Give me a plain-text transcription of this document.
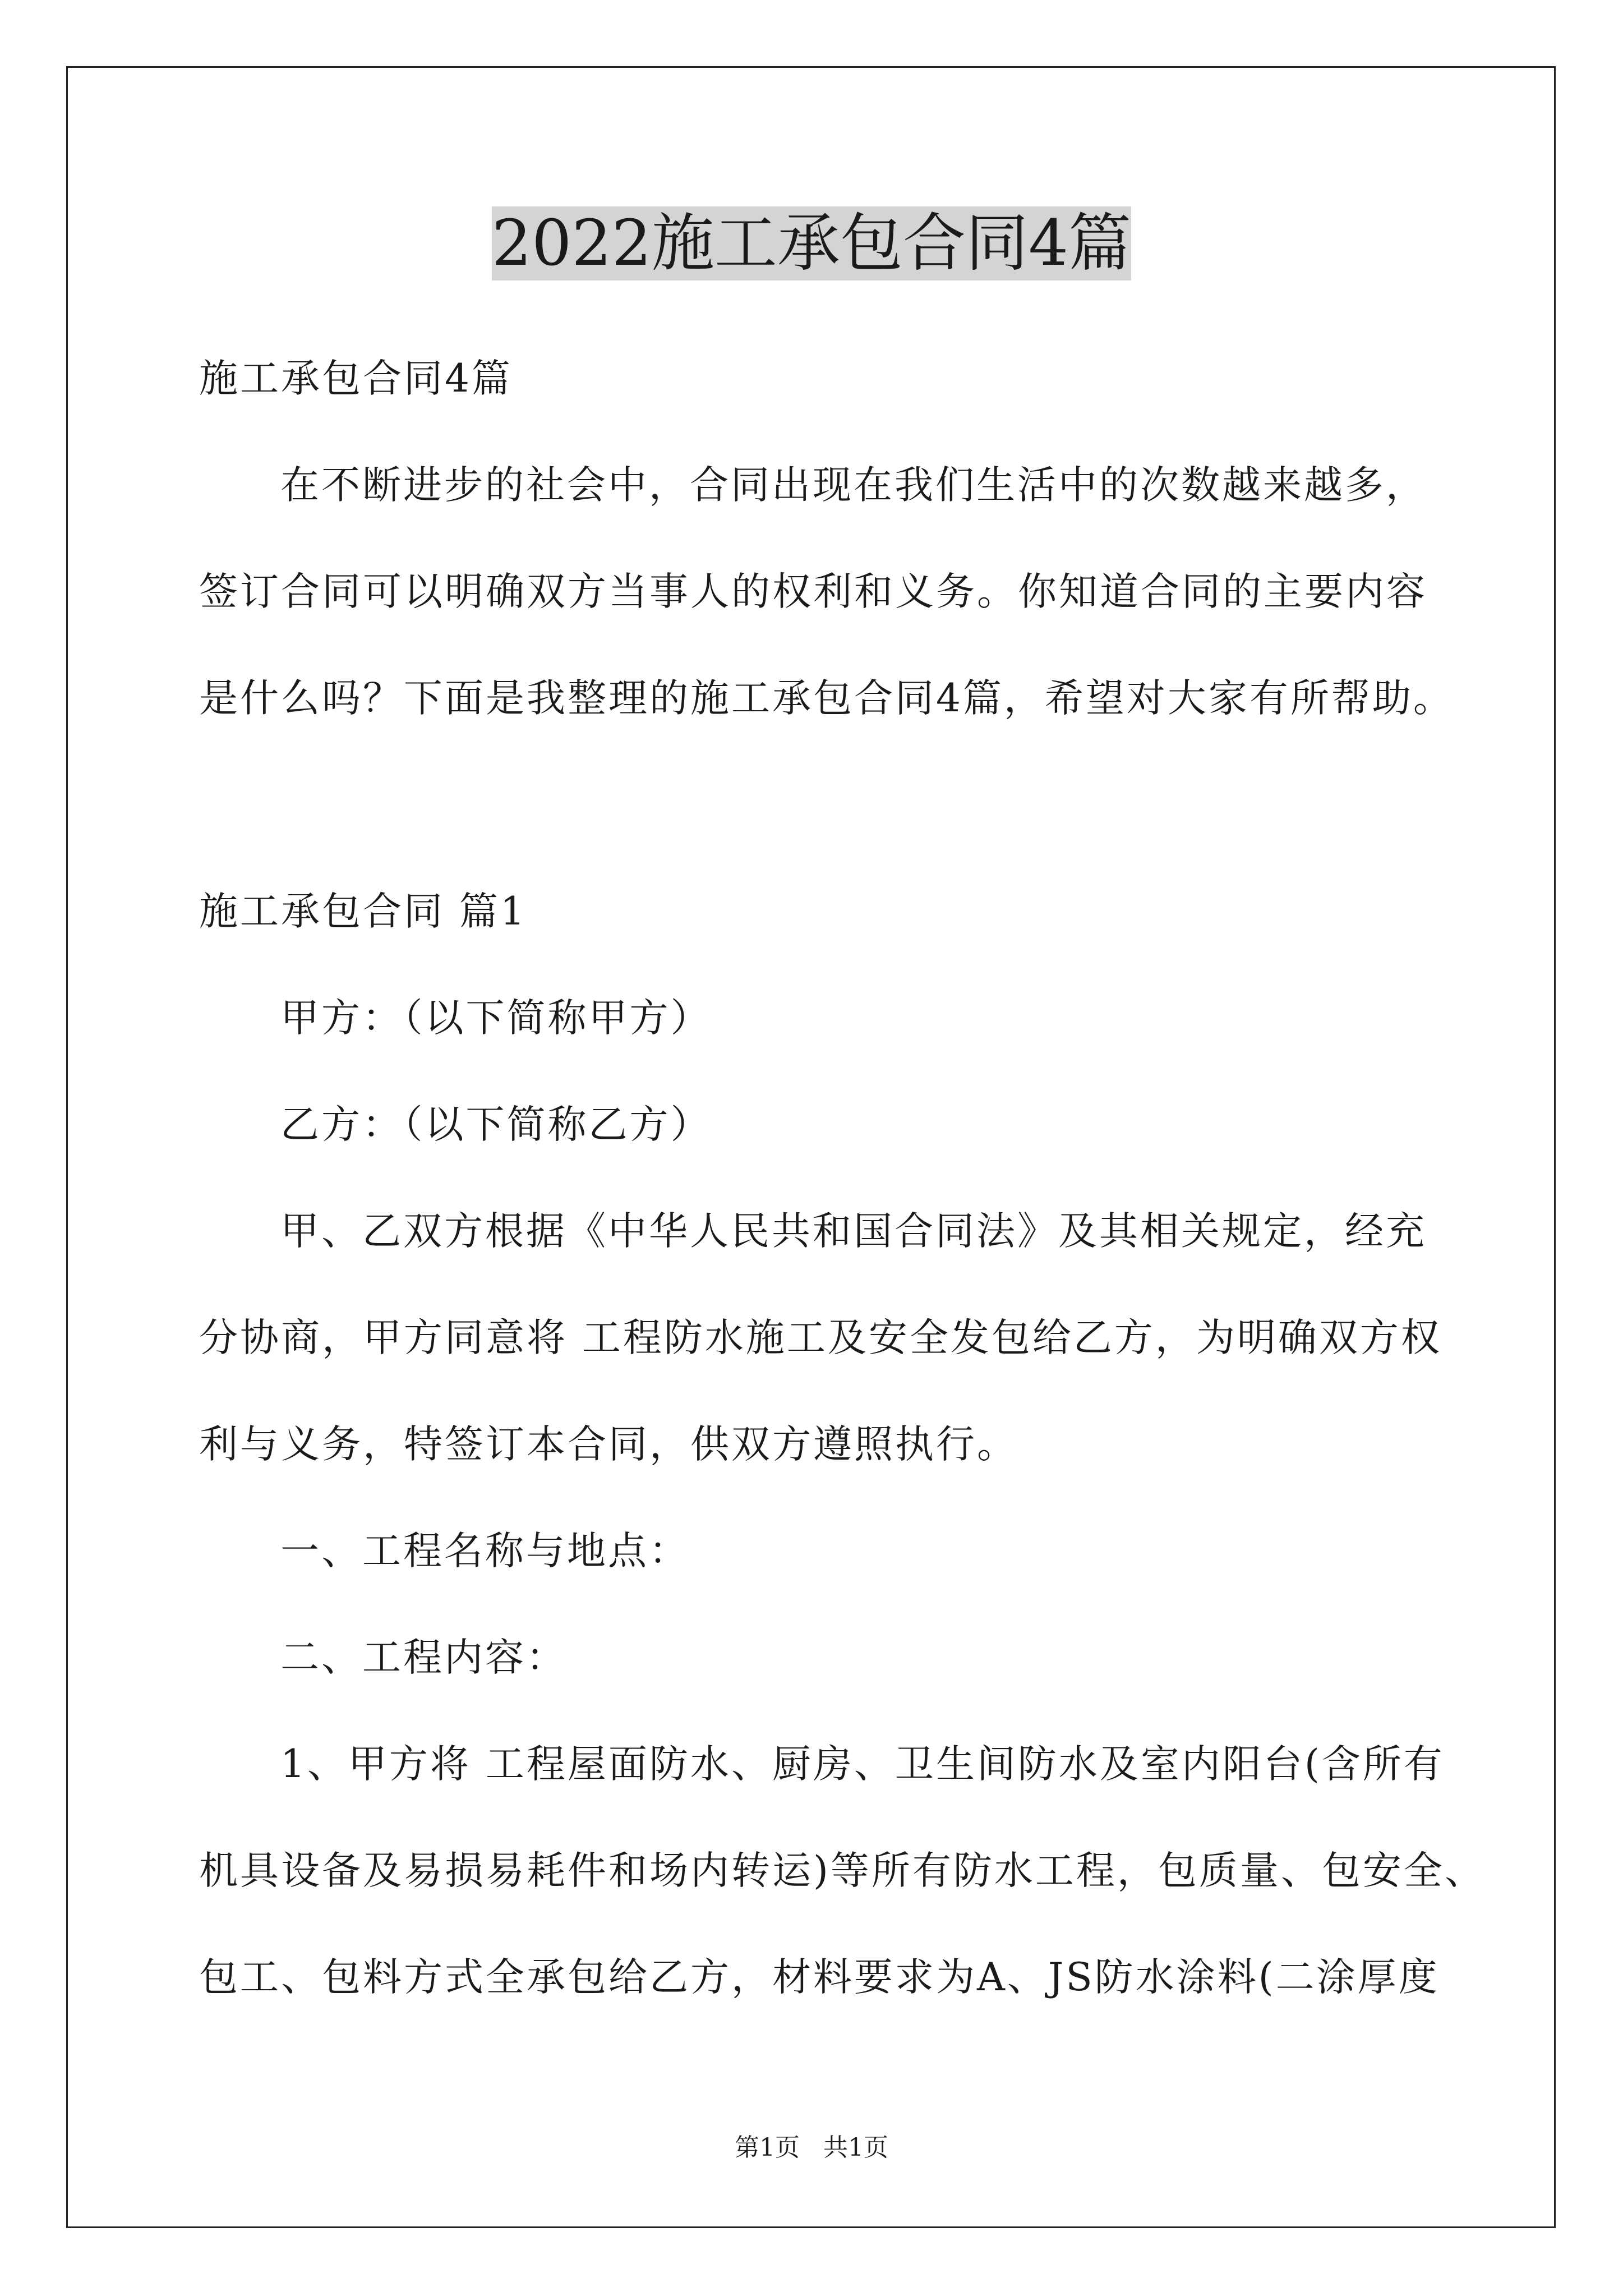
2022施工承包合同4篇
施工承包合同4篇
在不断进步的社会中，合同出现在我们生活中的次数越来越多，
签订合同可以明确双方当事人的权利和义务。你知道合同的主要内容
是什么吗？下面是我整理的施工承包合同4篇，希望对大家有所帮助。
施工承包合同 篇1
甲方：（以下简称甲方）
乙方：（以下简称乙方）
甲、乙双方根据《中华人民共和国合同法》及其相关规定，经充
分协商，甲方同意将 工程防水施工及安全发包给乙方，为明确双方权
利与义务，特签订本合同，供双方遵照执行。
一、工程名称与地点：
二、工程内容：
1、甲方将 工程屋面防水、厨房、卫生间防水及室内阳台(含所有
机具设备及易损易耗件和场内转运)等所有防水工程，包质量、包安全、
包工、包料方式全承包给乙方，材料要求为A、JS防水涂料(二涂厚度
第1页   共1页
